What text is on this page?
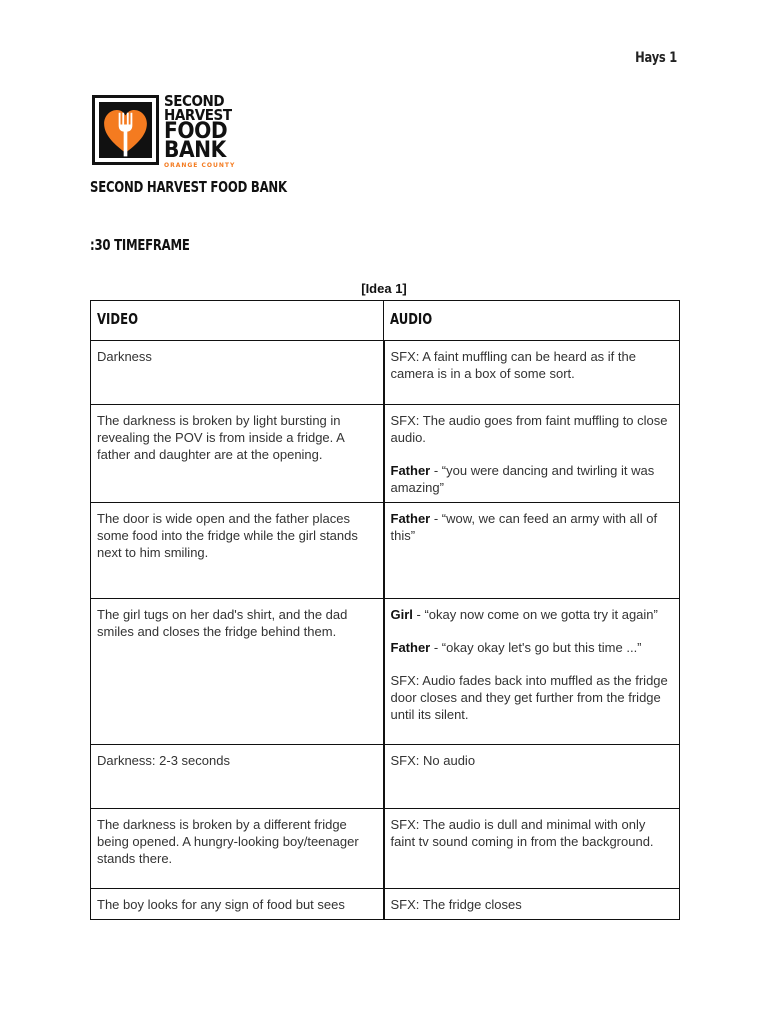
Hays 1
SECOND
HARVEST
FOOD
BANK
ORANGE COUNTY
SECOND HARVEST FOOD BANK
:30 TIMEFRAME
[Idea 1]
VIDEO	AUDIO
Darkness	SFX: A faint muffling can be heard as if the camera is in a box of some sort.

The darkness is broken by light bursting in revealing the POV is from inside a fridge. A father and daughter are at the opening.	SFX: The audio goes from faint muffling to close audio.
Father - “you were dancing and twirling it was amazing”

The door is wide open and the father places some food into the fridge while the girl stands next to him smiling.	Father - “wow, we can feed an army with all of this”

The girl tugs on her dad's shirt, and the dad smiles and closes the fridge behind them.	Girl - “okay now come on we gotta try it again”
Father - “okay okay let's go but this time ...”
SFX: Audio fades back into muffled as the fridge door closes and they get further from the fridge until its silent.

Darkness: 2-3 seconds	SFX: No audio

The darkness is broken by a different fridge being opened. A hungry-looking boy/teenager stands there.	SFX: The audio is dull and minimal with only faint tv sound coming in from the background.

The boy looks for any sign of food but sees	SFX: The fridge closes
